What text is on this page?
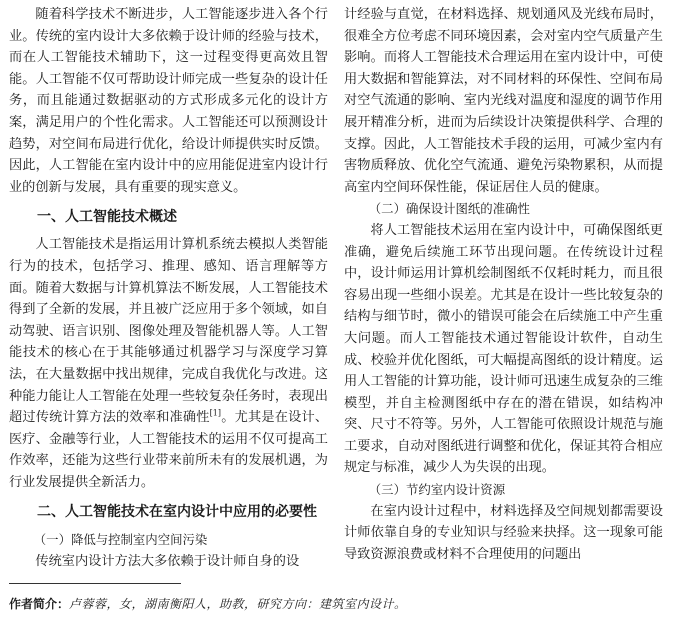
随着科学技术不断进步，人工智能逐步进入各个行业。传统的室内设计大多依赖于设计师的经验与技术，而在人工智能技术辅助下，这一过程变得更高效且智能。人工智能不仅可帮助设计师完成一些复杂的设计任务，而且能通过数据驱动的方式形成多元化的设计方案，满足用户的个性化需求。人工智能还可以预测设计趋势，对空间布局进行优化，给设计师提供实时反馈。因此，人工智能在室内设计中的应用能促进室内设计行业的创新与发展，具有重要的现实意义。

一、人工智能技术概述

人工智能技术是指运用计算机系统去模拟人类智能行为的技术，包括学习、推理、感知、语言理解等方面。随着大数据与计算机算法不断发展，人工智能技术得到了全新的发展，并且被广泛应用于多个领域，如自动驾驶、语言识别、图像处理及智能机器人等。人工智能技术的核心在于其能够通过机器学习与深度学习算法，在大量数据中找出规律，完成自我优化与改进。这种能力能让人工智能在处理一些较复杂任务时，表现出超过传统计算方法的效率和准确性[1]。尤其是在设计、医疗、金融等行业，人工智能技术的运用不仅可提高工作效率，还能为这些行业带来前所未有的发展机遇，为行业发展提供全新活力。

二、人工智能技术在室内设计中应用的必要性
（一）降低与控制室内空间污染

传统室内设计方法大多依赖于设计师自身的设

计经验与直觉，在材料选择、规划通风及光线布局时，很难全方位考虑不同环境因素，会对室内空气质量产生影响。而将人工智能技术合理运用在室内设计中，可使用大数据和智能算法，对不同材料的环保性、空间布局对空气流通的影响、室内光线对温度和湿度的调节作用展开精准分析，进而为后续设计决策提供科学、合理的支撑。因此，人工智能技术手段的运用，可减少室内有害物质释放、优化空气流通、避免污染物累积，从而提高室内空间环保性能，保证居住人员的健康。

（二）确保设计图纸的准确性

将人工智能技术运用在室内设计中，可确保图纸更准确，避免后续施工环节出现问题。在传统设计过程中，设计师运用计算机绘制图纸不仅耗时耗力，而且很容易出现一些细小误差。尤其是在设计一些比较复杂的结构与细节时，微小的错误可能会在后续施工中产生重大问题。而人工智能技术通过智能设计软件，自动生成、校验并优化图纸，可大幅提高图纸的设计精度。运用人工智能的计算功能，设计师可迅速生成复杂的三维模型，并自主检测图纸中存在的潜在错误，如结构冲突、尺寸不符等。另外，人工智能可依照设计规范与施工要求，自动对图纸进行调整和优化，保证其符合相应规定与标准，减少人为失误的出现。

（三）节约室内设计资源

在室内设计过程中，材料选择及空间规划都需要设计师依靠自身的专业知识与经验来抉择。这一现象可能导致资源浪费或材料不合理使用的问题出

作者简介：卢蓉蓉，女，湖南衡阳人，助教，研究方向：建筑室内设计。
